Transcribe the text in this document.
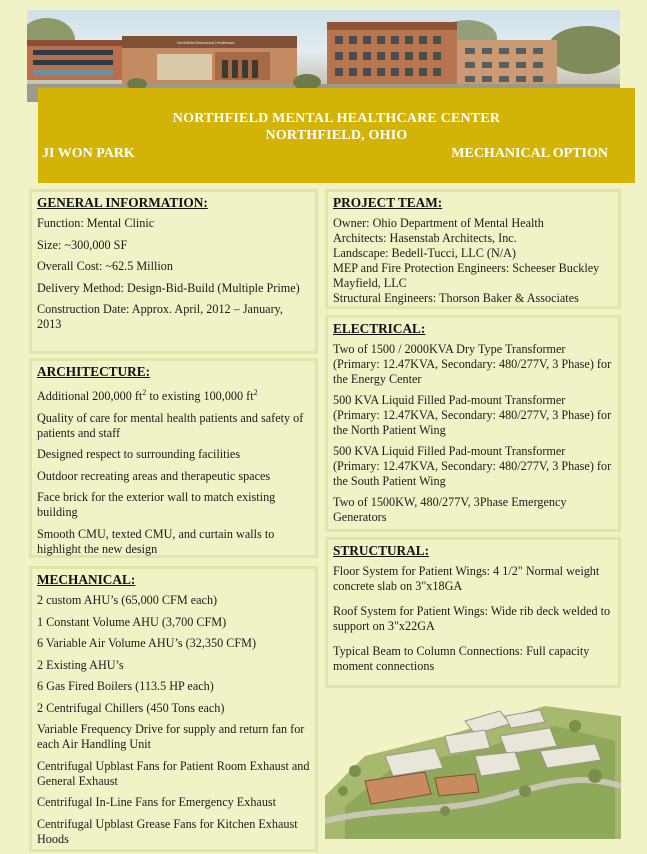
Northfield Behavioral Healthcare
NORTHFIELD MENTAL HEALTHCARE CENTER
NORTHFIELD, OHIO
JI WON PARK	MECHANICAL OPTION
GENERAL INFORMATION:

Function: Mental Clinic

Size: ~300,000 SF

Overall Cost: ~62.5 Million

Delivery Method: Design-Bid-Build (Multiple Prime)

Construction Date: Approx. April, 2012 – January, 2013

ARCHITECTURE:

Additional 200,000 $ft^2$ to existing 100,000 $ft^2$

Quality of care for mental health patients and safety of patients and staff

Designed respect to surrounding facilities

Outdoor recreating areas and therapeutic spaces

Face brick for the exterior wall to match existing building

Smooth CMU, texted CMU, and curtain walls to highlight the new design

MECHANICAL:

2 custom AHU’s (65,000 CFM each)

1 Constant Volume AHU (3,700 CFM)

6 Variable Air Volume AHU’s (32,350 CFM)

2 Existing AHU’s

6 Gas Fired Boilers (113.5 HP each)

2 Centrifugal Chillers (450 Tons each)

Variable Frequency Drive for supply and return fan for each Air Handling Unit

Centrifugal Upblast Fans for Patient Room Exhaust and General Exhaust

Centrifugal In-Line Fans for Emergency Exhaust

Centrifugal Upblast Grease Fans for Kitchen Exhaust Hoods

PROJECT TEAM:

Owner: Ohio Department of Mental Health

Architects: Hasenstab Architects, Inc.

Landscape: Bedell-Tucci, LLC (N/A)

MEP and Fire Protection Engineers: Scheeser Buckley Mayfield, LLC

Structural Engineers: Thorson Baker & Associates

ELECTRICAL:

Two of 1500 / 2000KVA Dry Type Transformer (Primary: 12.47KVA, Secondary: 480/277V, 3 Phase) for the Energy Center

500 KVA Liquid Filled Pad-mount Transformer (Primary: 12.47KVA, Secondary: 480/277V, 3 Phase) for the North Patient Wing

500 KVA Liquid Filled Pad-mount Transformer (Primary: 12.47KVA, Secondary: 480/277V, 3 Phase) for the South Patient Wing

Two of 1500KW, 480/277V, 3Phase Emergency Generators

STRUCTURAL:

Floor System for Patient Wings: 4 1/2" Normal weight concrete slab on 3"x18GA

Roof System for Patient Wings: Wide rib deck welded to support on 3"x22GA

Typical Beam to Column Connections: Full capacity moment connections
